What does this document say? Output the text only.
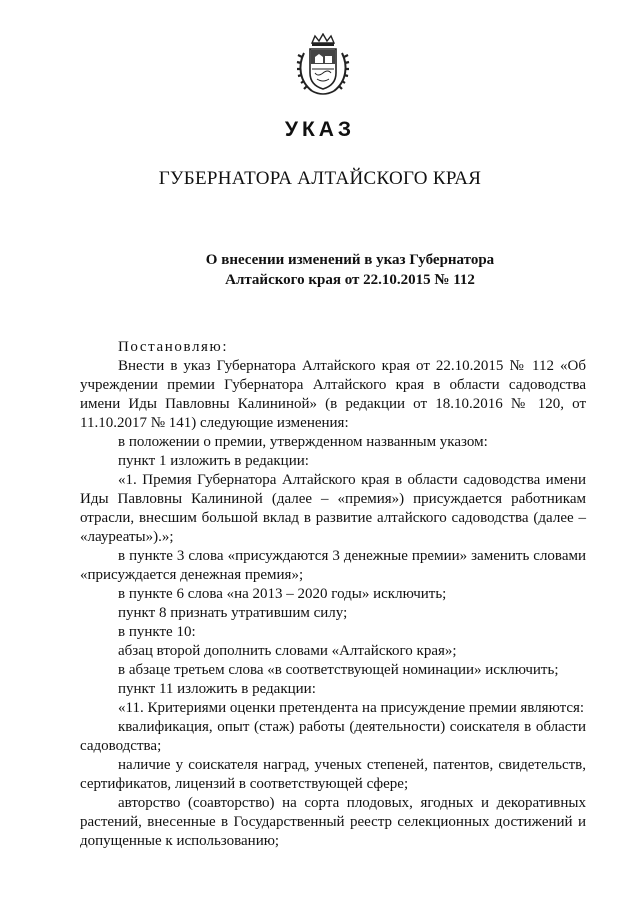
УКАЗ
ГУБЕРНАТОРА АЛТАЙСКОГО КРАЯ
О внесении изменений в указ Губернатора
Алтайского края от 22.10.2015 № 112

Постановляю:

Внести в указ Губернатора Алтайского края от 22.10.2015 № 112 «Об учреждении премии Губернатора Алтайского края в области садоводства имени Иды Павловны Калининой» (в редакции от 18.10.2016 № 120, от 11.10.2017 № 141) следующие изменения:

в положении о премии, утвержденном названным указом:

пункт 1 изложить в редакции:

«1. Премия Губернатора Алтайского края в области садоводства имени Иды Павловны Калининой (далее – «премия») присуждается работникам отрасли, внесшим большой вклад в развитие алтайского садоводства (далее – «лауреаты»).»;

в пункте 3 слова «присуждаются 3 денежные премии» заменить словами «присуждается денежная премия»;

в пункте 6 слова «на 2013 – 2020 годы» исключить;

пункт 8 признать утратившим силу;

в пункте 10:

абзац второй дополнить словами «Алтайского края»;

в абзаце третьем слова «в соответствующей номинации» исключить;

пункт 11 изложить в редакции:

«11. Критериями оценки претендента на присуждение премии являются:

квалификация, опыт (стаж) работы (деятельности) соискателя в области садоводства;

наличие у соискателя наград, ученых степеней, патентов, свидетельств, сертификатов, лицензий в соответствующей сфере;

авторство (соавторство) на сорта плодовых, ягодных и декоративных растений, внесенные в Государственный реестр селекционных достижений и допущенные к использованию;
